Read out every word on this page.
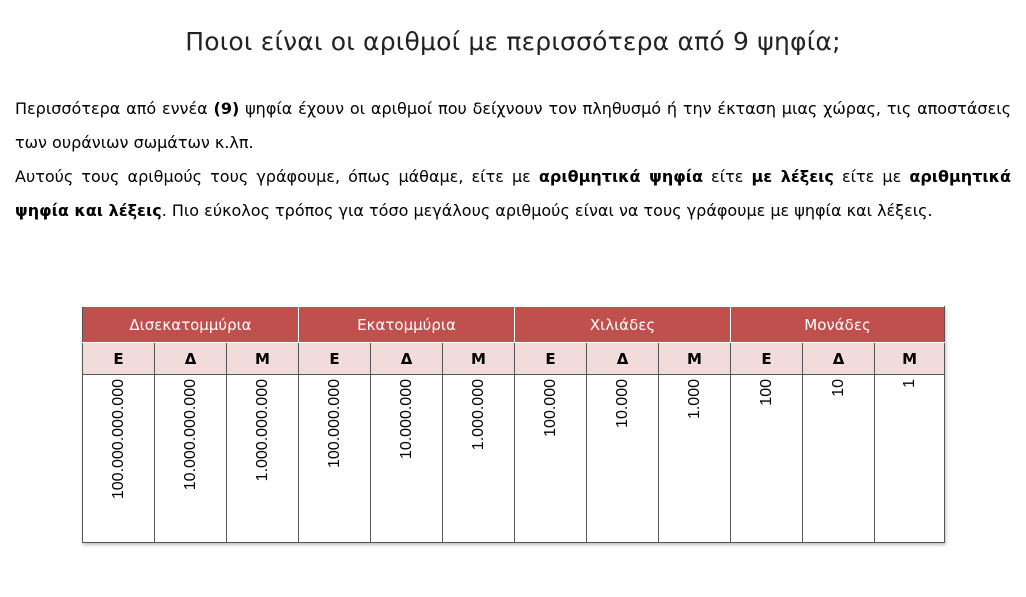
Ποιοι είναι οι αριθμοί με περισσότερα από 9 ψηφία;

Περισσότερα από εννέα (9) ψηφία έχουν οι αριθμοί που δείχνουν τον πληθυσμό ή την έκταση μιας χώρας, τις αποστάσεις των ουράνιων σωμάτων κ.λπ.

Αυτούς τους αριθμούς τους γράφουμε, όπως μάθαμε, είτε με αριθμητικά ψηφία είτε με λέξεις είτε με αριθμητικά ψηφία και λέξεις. Πιο εύκολος τρόπος για τόσο μεγάλους αριθμούς είναι να τους γράφουμε με ψηφία και λέξεις.

Δισεκατομμύρια			Εκατομμύρια			Χιλιάδες			Μονάδες		
Ε	Δ	Μ	Ε	Δ	Μ	Ε	Δ	Μ	Ε	Δ	Μ

100.000.000.000	10.000.000.000	1.000.000.000	100.000.000	10.000.000	1.000.000	100.000	10.000	1.000	100	10	1
